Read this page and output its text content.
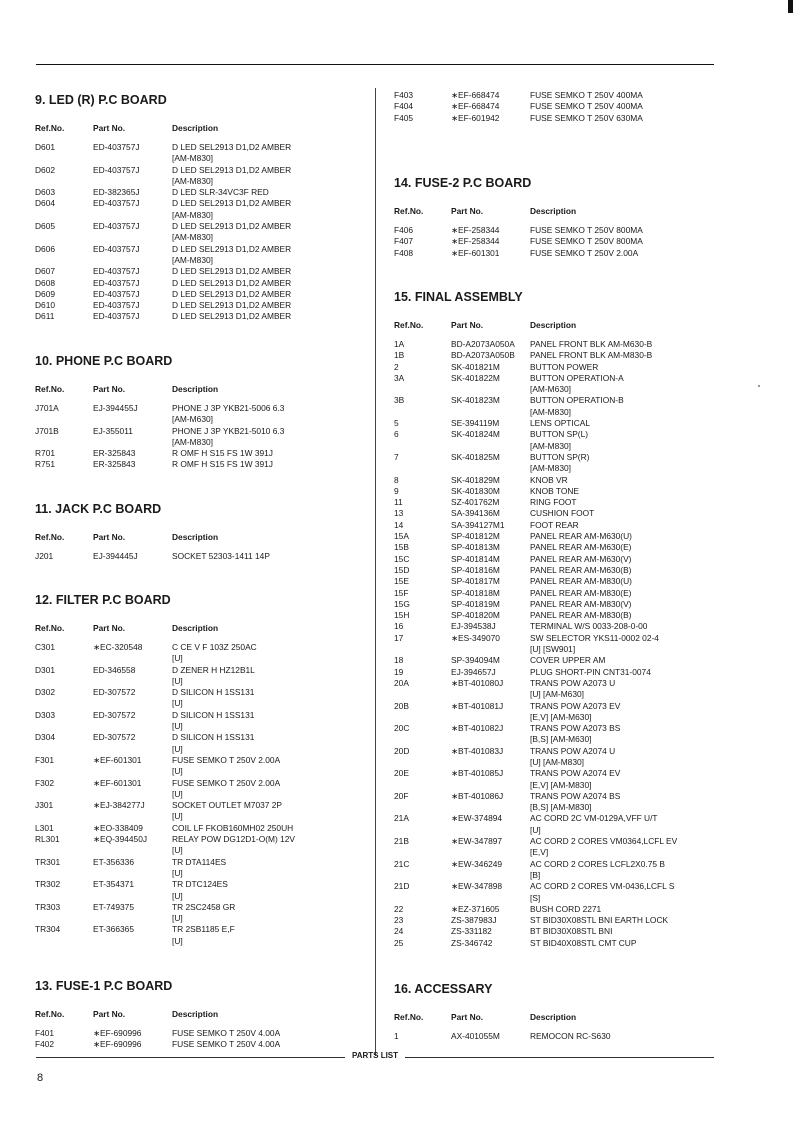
9. LED (R) P.C BOARD
Ref.No.	Part No.	Description
D601	ED-403757J	D LED SEL2913 D1,D2 AMBER
[AM-M830]
D602	ED-403757J	D LED SEL2913 D1,D2 AMBER
[AM-M830]
D603	ED-382365J	D LED SLR-34VC3F RED
D604	ED-403757J	D LED SEL2913 D1,D2 AMBER
[AM-M830]
D605	ED-403757J	D LED SEL2913 D1,D2 AMBER
[AM-M830]
D606	ED-403757J	D LED SEL2913 D1,D2 AMBER
[AM-M830]
D607	ED-403757J	D LED SEL2913 D1,D2 AMBER
D608	ED-403757J	D LED SEL2913 D1,D2 AMBER
D609	ED-403757J	D LED SEL2913 D1,D2 AMBER
D610	ED-403757J	D LED SEL2913 D1,D2 AMBER
D611	ED-403757J	D LED SEL2913 D1,D2 AMBER
10. PHONE P.C BOARD
Ref.No.	Part No.	Description
J701A	EJ-394455J	PHONE J 3P YKB21-5006 6.3
[AM-M630]
J701B	EJ-355011	PHONE J 3P YKB21-5010 6.3
[AM-M830]
R701	ER-325843	R OMF H S15 FS 1W 391J
R751	ER-325843	R OMF H S15 FS 1W 391J
11. JACK P.C BOARD
Ref.No.	Part No.	Description
J201	EJ-394445J	SOCKET 52303-1411 14P
12. FILTER P.C BOARD
Ref.No.	Part No.	Description
C301	∗EC-320548	C CE V F 103Z 250AC
[U]
D301	ED-346558	D ZENER H HZ12B1L
[U]
D302	ED-307572	D SILICON H 1SS131
[U]
D303	ED-307572	D SILICON H 1SS131
[U]
D304	ED-307572	D SILICON H 1SS131
[U]
F301	∗EF-601301	FUSE SEMKO T 250V 2.00A
[U]
F302	∗EF-601301	FUSE SEMKO T 250V 2.00A
[U]
J301	∗EJ-384277J	SOCKET OUTLET M7037 2P
[U]
L301	∗EO-338409	COIL LF FKOB160MH02 250UH
RL301	∗EQ-394450J	RELAY POW DG12D1-O(M) 12V
[U]
TR301	ET-356336	TR DTA114ES
[U]
TR302	ET-354371	TR DTC124ES
[U]
TR303	ET-749375	TR 2SC2458 GR
[U]
TR304	ET-366365	TR 2SB1185 E,F
[U]
13. FUSE-1 P.C BOARD
Ref.No.	Part No.	Description
F401	∗EF-690996	FUSE SEMKO T 250V 4.00A
F402	∗EF-690996	FUSE SEMKO T 250V 4.00A
F403	∗EF-668474	FUSE SEMKO T 250V 400MA
F404	∗EF-668474	FUSE SEMKO T 250V 400MA
F405	∗EF-601942	FUSE SEMKO T 250V 630MA
14. FUSE-2 P.C BOARD
Ref.No.	Part No.	Description
F406	∗EF-258344	FUSE SEMKO T 250V 800MA
F407	∗EF-258344	FUSE SEMKO T 250V 800MA
F408	∗EF-601301	FUSE SEMKO T 250V 2.00A
15. FINAL ASSEMBLY
Ref.No.	Part No.	Description
1A	BD-A2073A050A PANEL FRONT BLK AM-M630-B
1B	BD-A2073A050B PANEL FRONT BLK AM-M830-B
2	SK-401821M	BUTTON POWER
3A	SK-401822M	BUTTON OPERATION-A
[AM-M630]
3B	SK-401823M	BUTTON OPERATION-B
[AM-M830]
5	SE-394119M	LENS OPTICAL
6	SK-401824M	BUTTON SP(L)
[AM-M830]
7	SK-401825M	BUTTON SP(R)
[AM-M830]
8	SK-401829M	KNOB VR
9	SK-401830M	KNOB TONE
11	SZ-401762M	RING FOOT
13	SA-394136M	CUSHION FOOT
14	SA-394127M1	FOOT REAR
15A	SP-401812M	PANEL REAR AM-M630(U)
15B	SP-401813M	PANEL REAR AM-M630(E)
15C	SP-401814M	PANEL REAR AM-M630(V)
15D	SP-401816M	PANEL REAR AM-M630(B)
15E	SP-401817M	PANEL REAR AM-M830(U)
15F	SP-401818M	PANEL REAR AM-M830(E)
15G	SP-401819M	PANEL REAR AM-M830(V)
15H	SP-401820M	PANEL REAR AM-M830(B)
16	EJ-394538J	TERMINAL W/S 0033-208-0-00
17	∗ES-349070	SW SELECTOR YKS11-0002 02-4
[U] [SW901]
18	SP-394094M	COVER UPPER AM
19	EJ-394657J	PLUG SHORT-PIN CNT31-0074
20A	∗BT-401080J	TRANS POW A2073 U
[U] [AM-M630]
20B	∗BT-401081J	TRANS POW A2073 EV
[E,V] [AM-M630]
20C	∗BT-401082J	TRANS POW A2073 BS
[B,S] [AM-M630]
20D	∗BT-401083J	TRANS POW A2074 U
[U] [AM-M830]
20E	∗BT-401085J	TRANS POW A2074 EV
[E,V] [AM-M830]
20F	∗BT-401086J	TRANS POW A2074 BS
[B,S] [AM-M830]
21A	∗EW-374894	AC CORD 2C VM-0129A,VFF U/T
[U]
21B	∗EW-347897	AC CORD 2 CORES VM0364,LCFL EV
[E,V]
21C	∗EW-346249	AC CORD 2 CORES LCFL2X0.75 B
[B]
21D	∗EW-347898	AC CORD 2 CORES VM-0436,LCFL S
[S]
22	∗EZ-371605	BUSH CORD 2271
23	ZS-387983J	ST BID30X08STL BNI EARTH LOCK
24	ZS-331182	BT BID30X08STL BNI
25	ZS-346742	ST BID40X08STL CMT CUP
16. ACCESSARY
Ref.No.	Part No.	Description
1	AX-401055M	REMOCON RC-S630
PARTS LIST
8
